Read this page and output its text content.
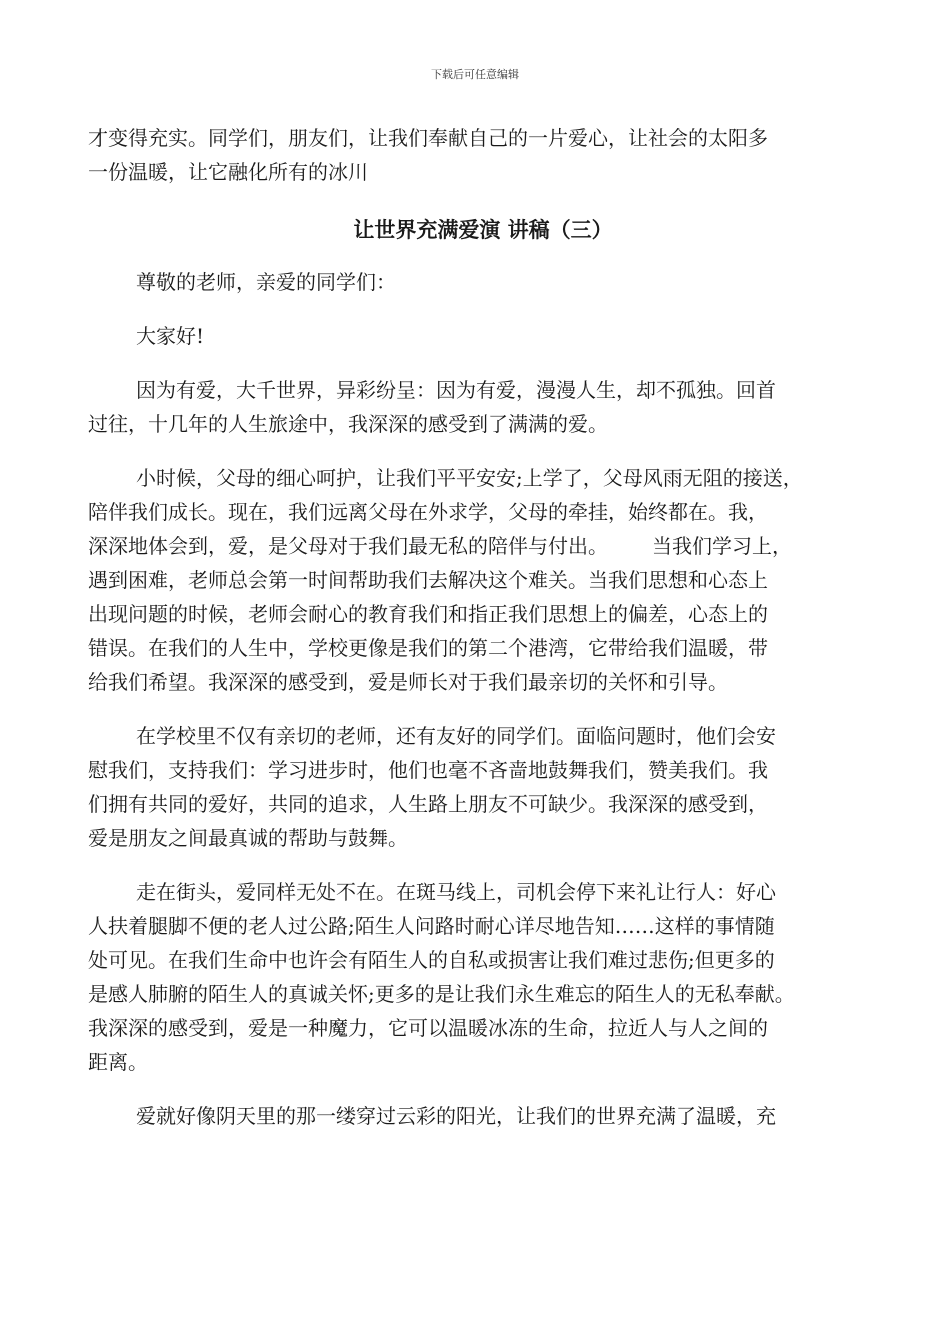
下载后可任意编辑
才变得充实。同学们，朋友们，让我们奉献自己的一片爱心，让社会的太阳多
一份温暖，让它融化所有的冰川
让世界充满爱演 讲稿（三）
尊敬的老师，亲爱的同学们：
大家好!
因为有爱，大千世界，异彩纷呈：因为有爱，漫漫人生，却不孤独。回首
过往，十几年的人生旅途中，我深深的感受到了满满的爱。
小时候，父母的细心呵护，让我们平平安安;上学了，父母风雨无阻的接送，
陪伴我们成长。现在，我们远离父母在外求学，父母的牵挂，始终都在。我，
深深地体会到，爱，是父母对于我们最无私的陪伴与付出。 当我们学习上，
遇到困难，老师总会第一时间帮助我们去解决这个难关。当我们思想和心态上
出现问题的时候，老师会耐心的教育我们和指正我们思想上的偏差，心态上的
错误。在我们的人生中，学校更像是我们的第二个港湾，它带给我们温暖，带
给我们希望。我深深的感受到，爱是师长对于我们最亲切的关怀和引导。
在学校里不仅有亲切的老师，还有友好的同学们。面临问题时，他们会安
慰我们，支持我们：学习进步时，他们也毫不吝啬地鼓舞我们，赞美我们。我
们拥有共同的爱好，共同的追求，人生路上朋友不可缺少。我深深的感受到，
爱是朋友之间最真诚的帮助与鼓舞。
走在街头，爱同样无处不在。在斑马线上，司机会停下来礼让行人：好心
人扶着腿脚不便的老人过公路;陌生人问路时耐心详尽地告知……这样的事情随
处可见。在我们生命中也许会有陌生人的自私或损害让我们难过悲伤;但更多的
是感人肺腑的陌生人的真诚关怀;更多的是让我们永生难忘的陌生人的无私奉献。
我深深的感受到，爱是一种魔力，它可以温暖冰冻的生命，拉近人与人之间的
距离。
爱就好像阴天里的那一缕穿过云彩的阳光，让我们的世界充满了温暖，充
